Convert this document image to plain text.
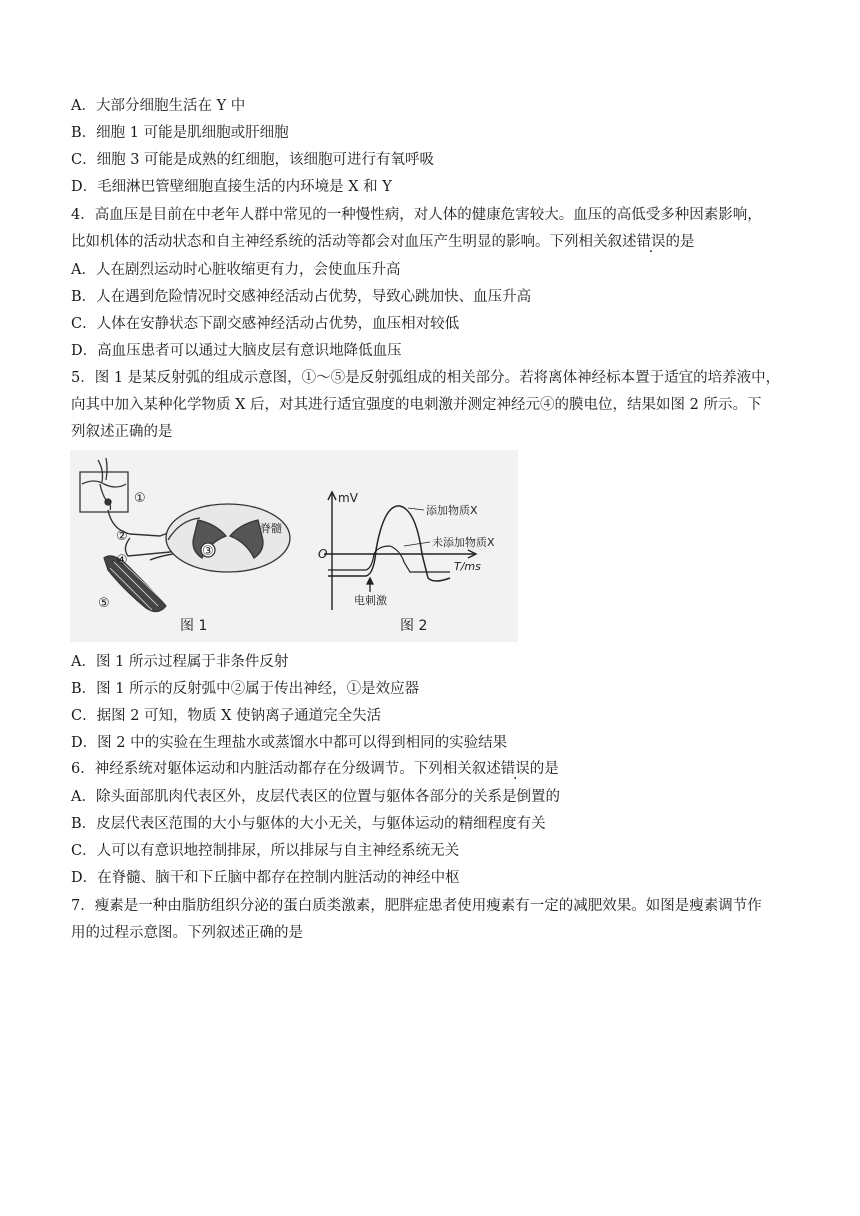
A．大部分细胞生活在 Y 中
B．细胞 1 可能是肌细胞或肝细胞
C．细胞 3 可能是成熟的红细胞，该细胞可进行有氧呼吸
D．毛细淋巴管壁细胞直接生活的内环境是 X 和 Y
4．高血压是目前在中老年人群中常见的一种慢性病，对人体的健康危害较大。血压的高低受多种因素影响，
比如机体的活动状态和自主神经系统的活动等都会对血压产生明显的影响。下列相关叙述错误的是
A．人在剧烈运动时心脏收缩更有力，会使血压升高
B．人在遇到危险情况时交感神经活动占优势，导致心跳加快、血压升高
C．人体在安静状态下副交感神经活动占优势，血压相对较低
D．高血压患者可以通过大脑皮层有意识地降低血压
5．图 1 是某反射弧的组成示意图，①～⑤是反射弧组成的相关部分。若将离体神经标本置于适宜的培养液中，
向其中加入某种化学物质 X 后，对其进行适宜强度的电刺激并测定神经元④的膜电位，结果如图 2 所示。下
列叙述正确的是
①
②
③
④
⑤
脊髓
图 1
mV
O
T/ms
添加物质X
未添加物质X
电刺激
图 2
A．图 1 所示过程属于非条件反射
B．图 1 所示的反射弧中②属于传出神经，①是效应器
C．据图 2 可知，物质 X 使钠离子通道完全失活
D．图 2 中的实验在生理盐水或蒸馏水中都可以得到相同的实验结果
6．神经系统对躯体运动和内脏活动都存在分级调节。下列相关叙述错误的是
A．除头面部肌肉代表区外，皮层代表区的位置与躯体各部分的关系是倒置的
B．皮层代表区范围的大小与躯体的大小无关，与躯体运动的精细程度有关
C．人可以有意识地控制排尿，所以排尿与自主神经系统无关
D．在脊髓、脑干和下丘脑中都存在控制内脏活动的神经中枢
7．瘦素是一种由脂肪组织分泌的蛋白质类激素，肥胖症患者使用瘦素有一定的减肥效果。如图是瘦素调节作
用的过程示意图。下列叙述正确的是
